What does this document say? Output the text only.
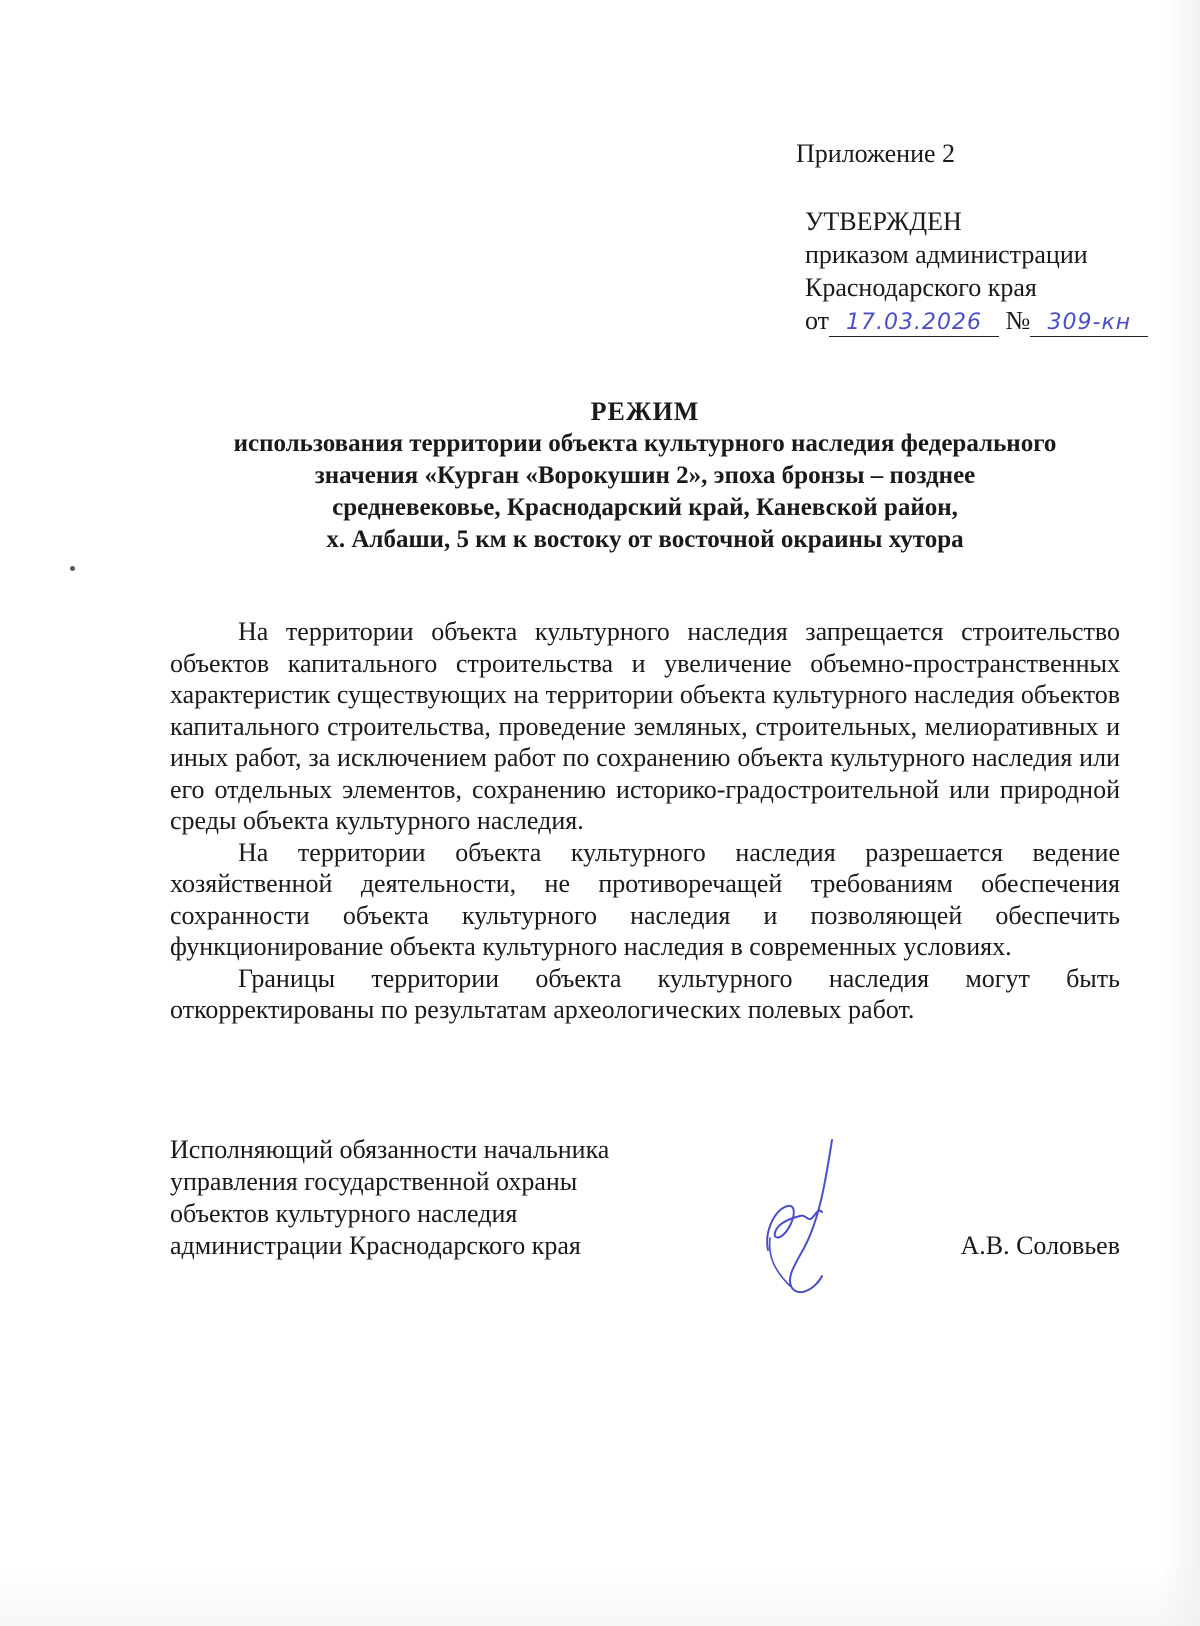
Приложение 2
УТВЕРЖДЕН
приказом администрации
Краснодарского края
от 17.03.2026 № 309-кн
РЕЖИМ
использования территории объекта культурного наследия федерального
значения «Курган «Ворокушин 2», эпоха бронзы – позднее
средневековье, Краснодарский край, Каневской район,
х. Албаши, 5 км к востоку от восточной окраины хутора

На территории объекта культурного наследия запрещается строительство объектов капитального строительства и увеличение объемно-пространственных характеристик существующих на территории объекта культурного наследия объектов капитального строительства, проведение земляных, строительных, мелиоративных и иных работ, за исключением работ по сохранению объекта культурного наследия или его отдельных элементов, сохранению историко-градостроительной или природной среды объекта культурного наследия.

На территории объекта культурного наследия разрешается ведение хозяйственной деятельности, не противоречащей требованиям обеспечения сохранности объекта культурного наследия и позволяющей обеспечить функционирование объекта культурного наследия в современных условиях.

Границы территории объекта культурного наследия могут быть откорректированы по результатам археологических полевых работ.

Исполняющий обязанности начальника
управления государственной охраны
объектов культурного наследия
администрации Краснодарского края	А.В. Соловьев
